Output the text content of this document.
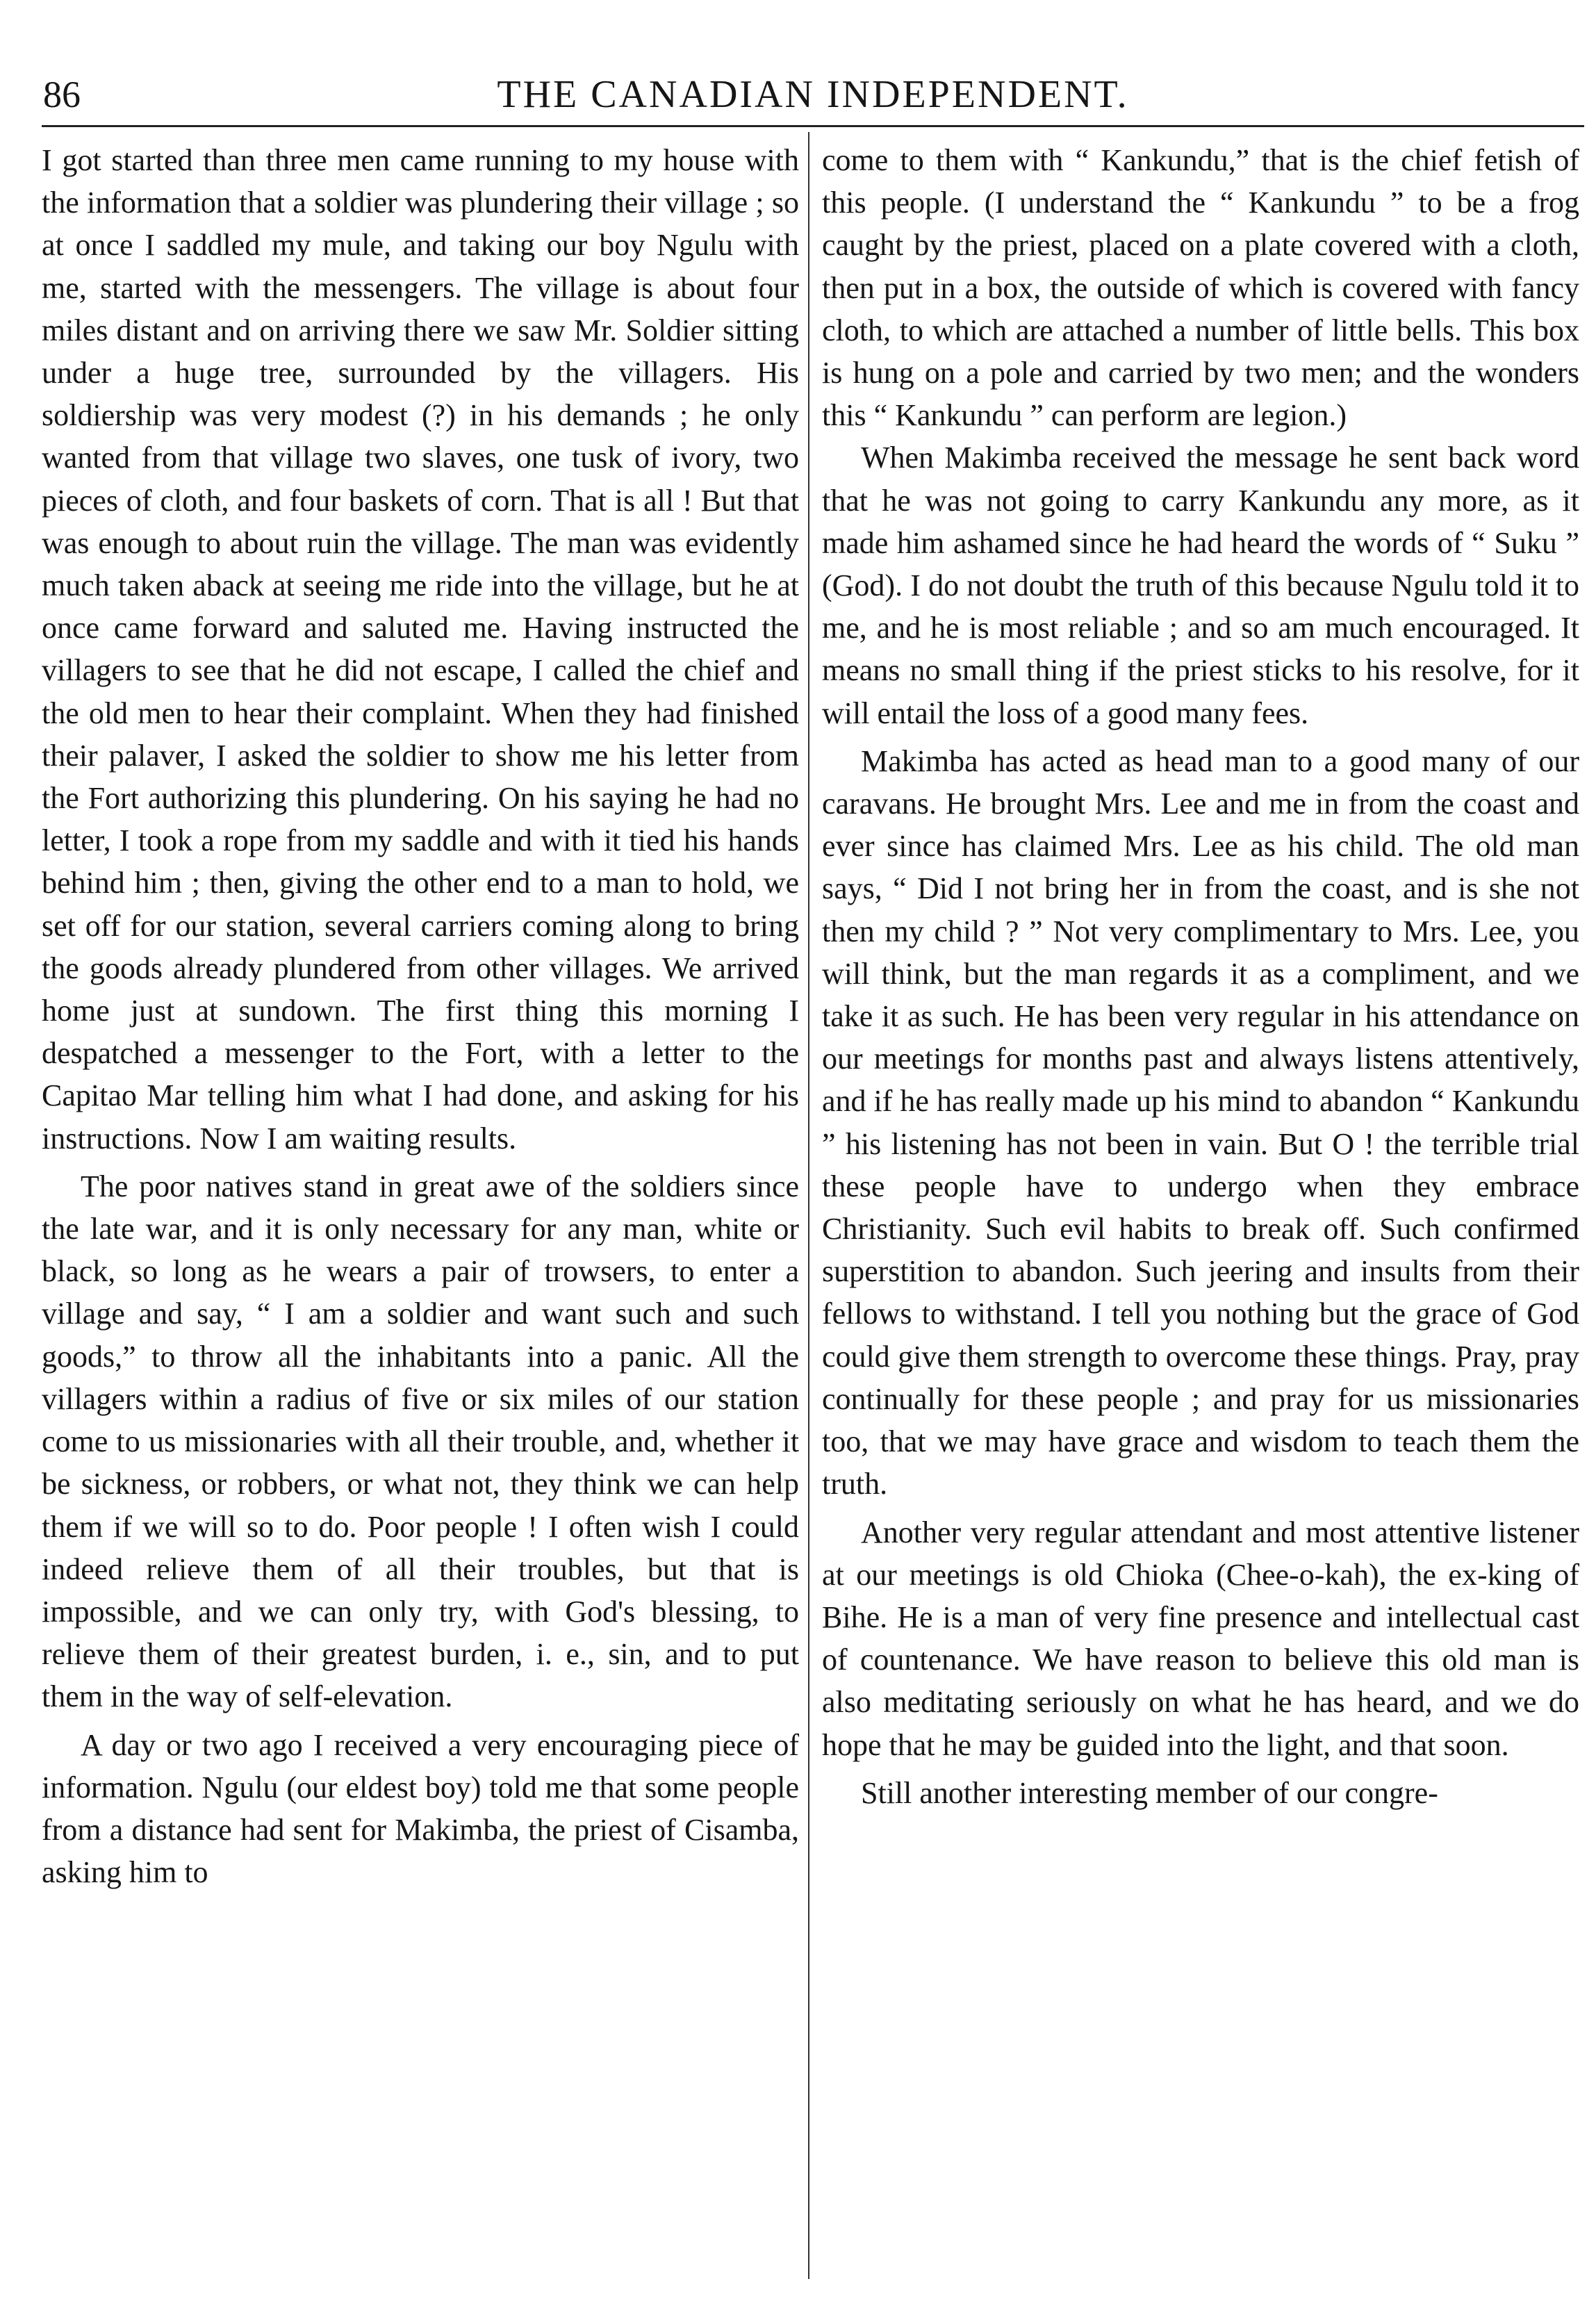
86	THE CANADIAN INDEPENDENT.

I got started than three men came running to my house with the information that a soldier was plundering their village ; so at once I saddled my mule, and taking our boy Ngulu with me, started with the messengers. The village is about four miles distant and on arriving there we saw Mr. Soldier sitting under a huge tree, surrounded by the villagers. His soldiership was very modest (?) in his demands ; he only wanted from that village two slaves, one tusk of ivory, two pieces of cloth, and four baskets of corn. That is all ! But that was enough to about ruin the village. The man was evidently much taken aback at seeing me ride into the village, but he at once came forward and saluted me. Having instructed the villagers to see that he did not escape, I called the chief and the old men to hear their complaint. When they had finished their palaver, I asked the soldier to show me his letter from the Fort authorizing this plundering. On his saying he had no letter, I took a rope from my saddle and with it tied his hands behind him ; then, giving the other end to a man to hold, we set off for our station, several carriers coming along to bring the goods already plundered from other villages. We arrived home just at sundown. The first thing this morning I despatched a messenger to the Fort, with a letter to the Capitao Mar telling him what I had done, and asking for his instructions. Now I am waiting results.

The poor natives stand in great awe of the soldiers since the late war, and it is only necessary for any man, white or black, so long as he wears a pair of trowsers, to enter a village and say, “ I am a soldier and want such and such goods,” to throw all the inhabitants into a panic. All the villagers within a radius of five or six miles of our station come to us missionaries with all their trouble, and, whether it be sickness, or robbers, or what not, they think we can help them if we will so to do. Poor people ! I often wish I could indeed relieve them of all their troubles, but that is impossible, and we can only try, with God's blessing, to relieve them of their greatest burden, i. e., sin, and to put them in the way of self-elevation.

A day or two ago I received a very encouraging piece of information. Ngulu (our eldest boy) told me that some people from a distance had sent for Makimba, the priest of Cisamba, asking him to

come to them with “ Kankundu,” that is the chief fetish of this people. (I understand the “ Kankundu ” to be a frog caught by the priest, placed on a plate covered with a cloth, then put in a box, the outside of which is covered with fancy cloth, to which are attached a number of little bells. This box is hung on a pole and carried by two men; and the wonders this “ Kankundu ” can perform are legion.)

When Makimba received the message he sent back word that he was not going to carry Kankundu any more, as it made him ashamed since he had heard the words of “ Suku ” (God). I do not doubt the truth of this because Ngulu told it to me, and he is most reliable ; and so am much encouraged. It means no small thing if the priest sticks to his resolve, for it will entail the loss of a good many fees.

Makimba has acted as head man to a good many of our caravans. He brought Mrs. Lee and me in from the coast and ever since has claimed Mrs. Lee as his child. The old man says, “ Did I not bring her in from the coast, and is she not then my child ? ” Not very complimentary to Mrs. Lee, you will think, but the man regards it as a compliment, and we take it as such. He has been very regular in his attendance on our meetings for months past and always listens attentively, and if he has really made up his mind to abandon “ Kankundu ” his listening has not been in vain. But O ! the terrible trial these people have to undergo when they embrace Christianity. Such evil habits to break off. Such confirmed superstition to abandon. Such jeering and insults from their fellows to withstand. I tell you nothing but the grace of God could give them strength to overcome these things. Pray, pray continually for these people ; and pray for us missionaries too, that we may have grace and wisdom to teach them the truth.

Another very regular attendant and most attentive listener at our meetings is old Chioka (Chee-o-kah), the ex-king of Bihe. He is a man of very fine presence and intellectual cast of countenance. We have reason to believe this old man is also meditating seriously on what he has heard, and we do hope that he may be guided into the light, and that soon.

Still another interesting member of our congre-
